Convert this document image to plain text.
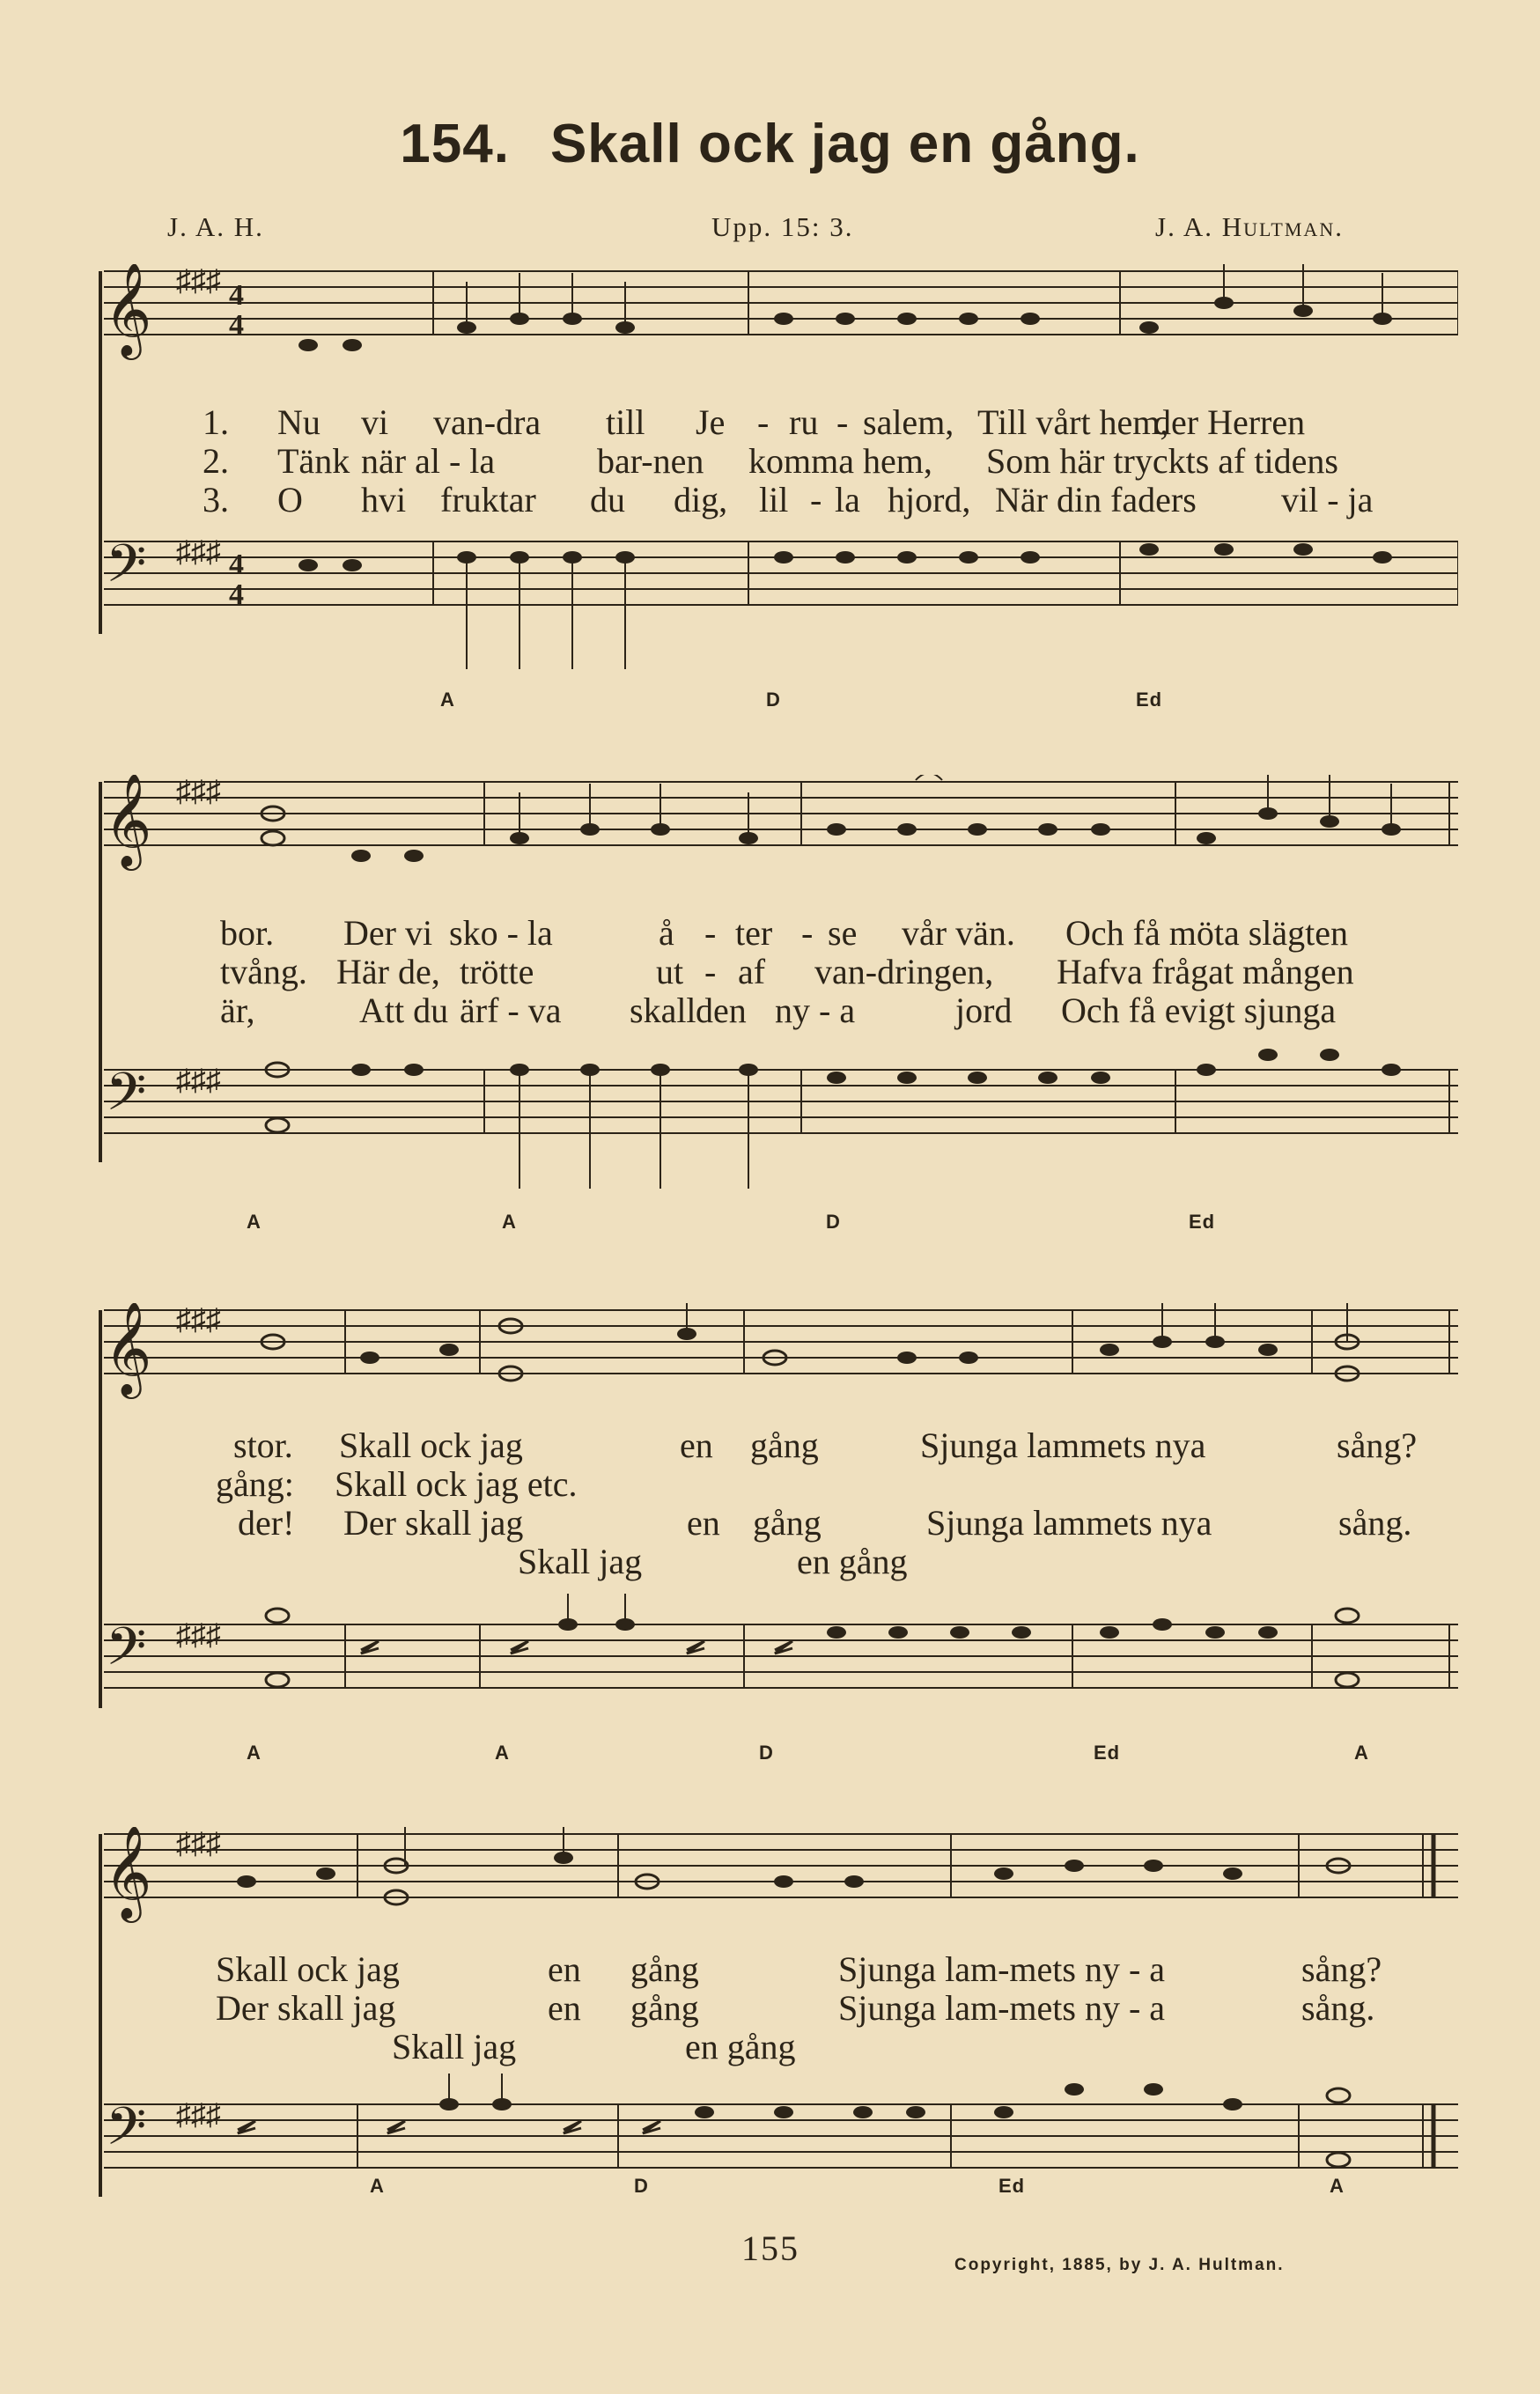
154. Skall ock jag en gång.
J. A. H.	Upp. 15: 3.	J. A. Hultman.
𝄞
𝄢
♯♯♯ 4
4
♯♯♯ 4
4
1. Nu vi van-dra till Je - ru - salem, Till vårt hem,
der Herren
2. Tänk när al - la	bar-nen komma hem, Som här tryckts af tidens
3. O hvi fruktar du dig, lil - la hjord, När din faders vil - ja
A	D	Ed
𝄞
𝄢
♯♯♯
♯♯♯
bor. Der vi sko - la	å - ter - se vår vän. Och få möta slägten
tvång. Här de, trötte	ut - af van-dringen, Hafva frågat mången
är,	Att du ärf - va skall den ny - a	jord Och få evigt sjunga
A	A	D	Ed
𝄞
𝄢
♯♯♯
♯♯♯
stor. Skall ock jag	en gång	Sjunga lammets nya	sång?
gång: Skall ock jag etc.
der! Der skall jag	en gång	Sjunga lammets nya	sång.
Skall jag	en gång
A	A	D	Ed	A
𝄞
𝄢
♯♯♯
♯♯♯
Skall ock jag	en gång	Sjunga lam-mets ny - a	sång?
Der skall jag	en gång	Sjunga lam-mets ny - a	sång.
Skall jag	en gång
A	D	Ed	A
155	Copyright, 1885, by J. A. Hultman.
